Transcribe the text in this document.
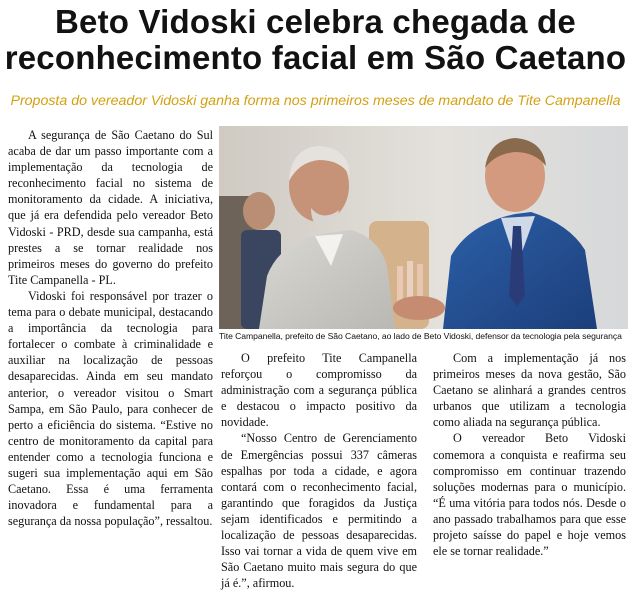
Beto Vidoski celebra chegada de
reconhecimento facial em São Caetano
Proposta do vereador Vidoski ganha forma nos primeiros meses de mandato de Tite Campanella

A segurança de São Caetano do Sul acaba de dar um passo importante com a implementação da tecnologia de reconhecimento facial no sistema de monitoramento da cidade. A iniciativa, que já era defendida pelo vereador Beto Vidoski - PRD, desde sua campanha, está prestes a se tornar realidade nos primeiros meses do governo do prefeito Tite Campanella - PL.

Vidoski foi responsável por trazer o tema para o debate municipal, destacando a importância da tecnologia para fortalecer o combate à criminalidade e auxiliar na localização de pessoas desaparecidas. Ainda em seu mandato anterior, o vereador visitou o Smart Sampa, em São Paulo, para conhecer de perto a eficiência do sistema. “Estive no centro de monitoramento da capital para entender como a tecnologia funciona e sugeri sua implementação aqui em São Caetano. Essa é uma ferramenta inovadora e fundamental para a segurança da nossa população”, ressaltou.

Tite Campanella, prefeito de São Caetano, ao lado de Beto Vidoski, defensor da tecnologia pela segurança

O prefeito Tite Campanella reforçou o compromisso da administração com a segurança pública e destacou o impacto positivo da novidade.

“Nosso Centro de Gerenciamento de Emergências possui 337 câmeras espalhas por toda a cidade, e agora contará com o reconhecimento facial, garantindo que foragidos da Justiça sejam identificados e permitindo a localização de pessoas desaparecidas. Isso vai tornar a vida de quem vive em São Caetano muito mais segura do que já é.”, afirmou.

Com a implementação já nos primeiros meses da nova gestão, São Caetano se alinhará a grandes centros urbanos que utilizam a tecnologia como aliada na segurança pública.

O vereador Beto Vidoski comemora a conquista e reafirma seu compromisso em continuar trazendo soluções modernas para o município. “É uma vitória para todos nós. Desde o ano passado trabalhamos para que esse projeto saísse do papel e hoje vemos ele se tornar realidade.”
